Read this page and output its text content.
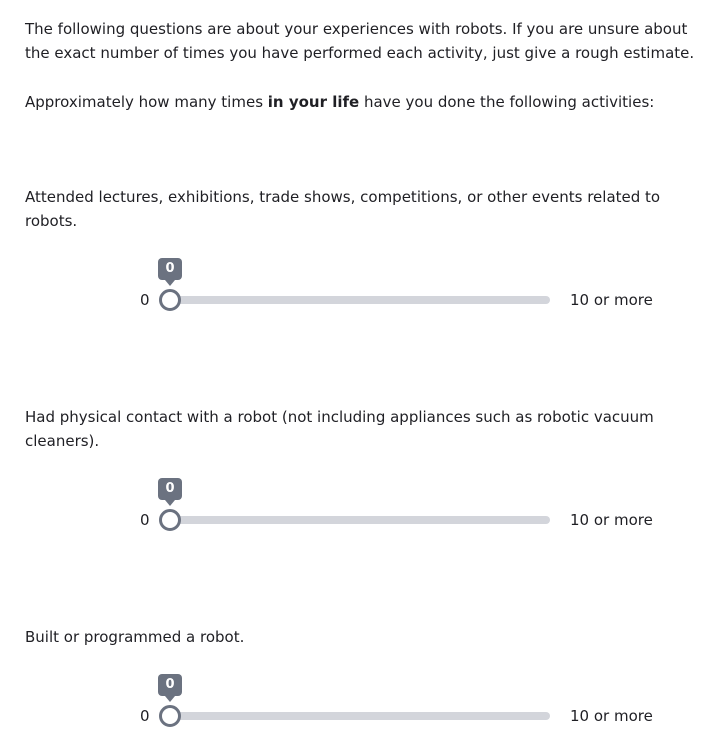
The following questions are about your experiences with robots. If you are unsure about the exact number of times you have performed each activity, just give a rough estimate.

Approximately how many times in your life have you done the following activities:

Attended lectures, exhibitions, trade shows, competitions, or other events related to robots.

0
0	10 or more

Had physical contact with a robot (not including appliances such as robotic vacuum cleaners).

0
0	10 or more

Built or programmed a robot.

0
0	10 or more
